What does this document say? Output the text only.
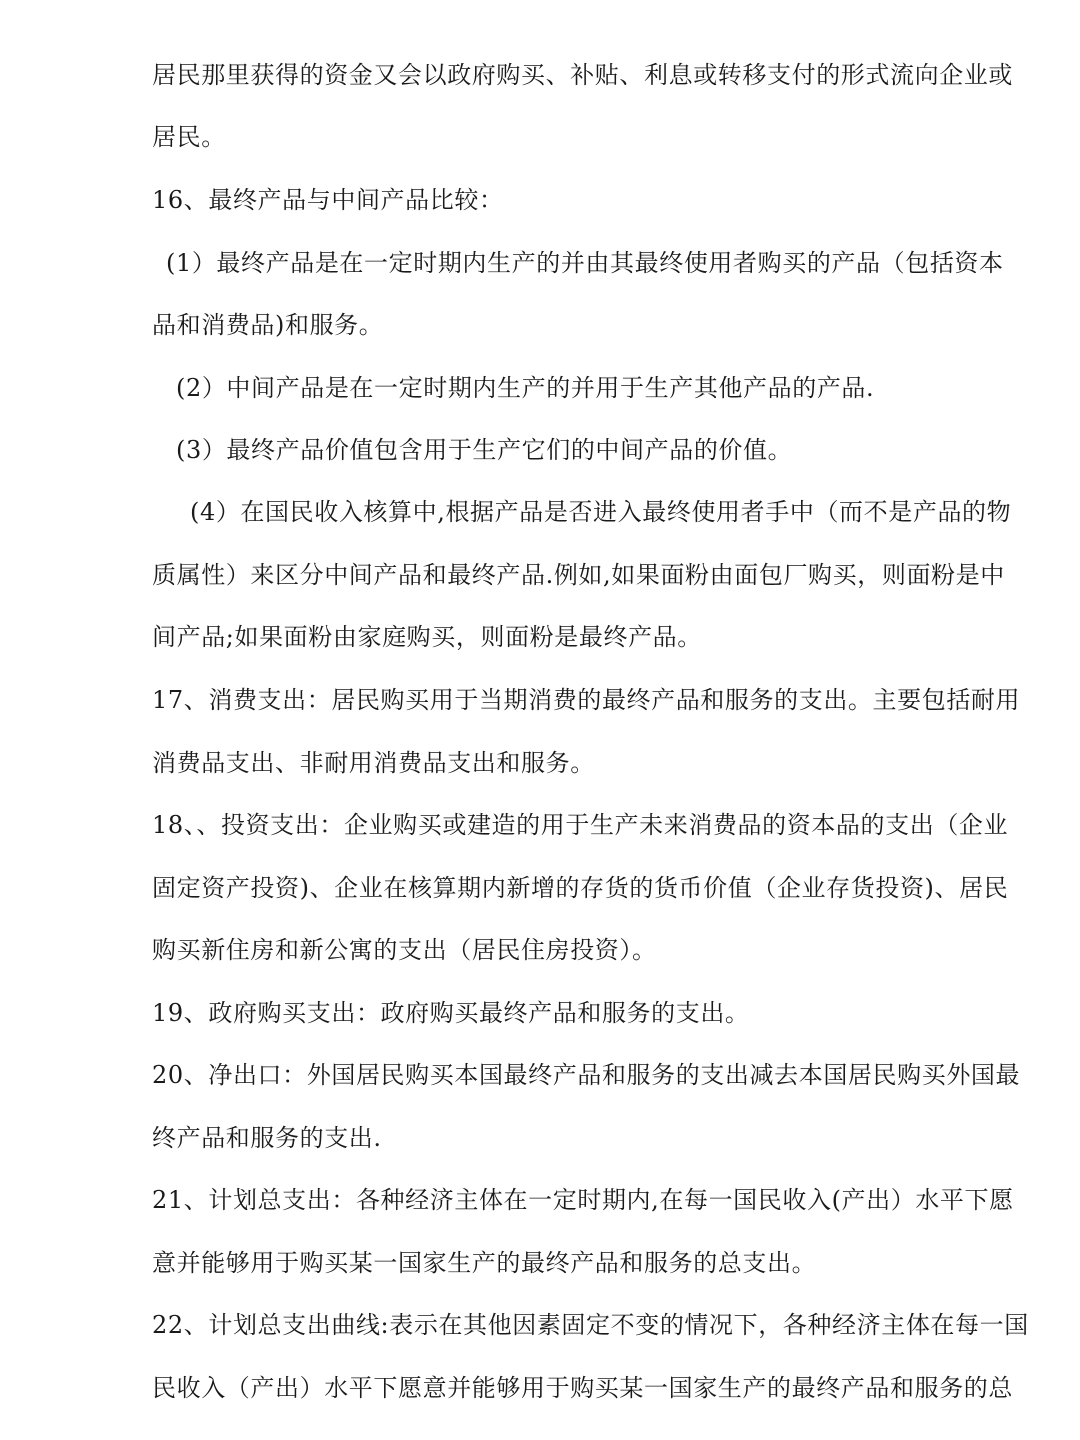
居民那里获得的资金又会以政府购买、补贴、利息或转移支付的形式流向企业或
居民。
16、最终产品与中间产品比较：
(1）最终产品是在一定时期内生产的并由其最终使用者购买的产品（包括资本
品和消费品)和服务。
(2）中间产品是在一定时期内生产的并用于生产其他产品的产品.
(3）最终产品价值包含用于生产它们的中间产品的价值。
(4）在国民收入核算中,根据产品是否进入最终使用者手中（而不是产品的物
质属性）来区分中间产品和最终产品.例如,如果面粉由面包厂购买，则面粉是中
间产品;如果面粉由家庭购买，则面粉是最终产品。
17、消费支出：居民购买用于当期消费的最终产品和服务的支出。主要包括耐用
消费品支出、非耐用消费品支出和服务。
18、、投资支出：企业购买或建造的用于生产未来消费品的资本品的支出（企业
固定资产投资)、企业在核算期内新增的存货的货币价值（企业存货投资)、居民
购买新住房和新公寓的支出（居民住房投资）。
19、政府购买支出：政府购买最终产品和服务的支出。
20、净出口：外国居民购买本国最终产品和服务的支出减去本国居民购买外国最
终产品和服务的支出.
21、计划总支出：各种经济主体在一定时期内,在每一国民收入(产出）水平下愿
意并能够用于购买某一国家生产的最终产品和服务的总支出。
22、计划总支出曲线:表示在其他因素固定不变的情况下，各种经济主体在每一国
民收入（产出）水平下愿意并能够用于购买某一国家生产的最终产品和服务的总
